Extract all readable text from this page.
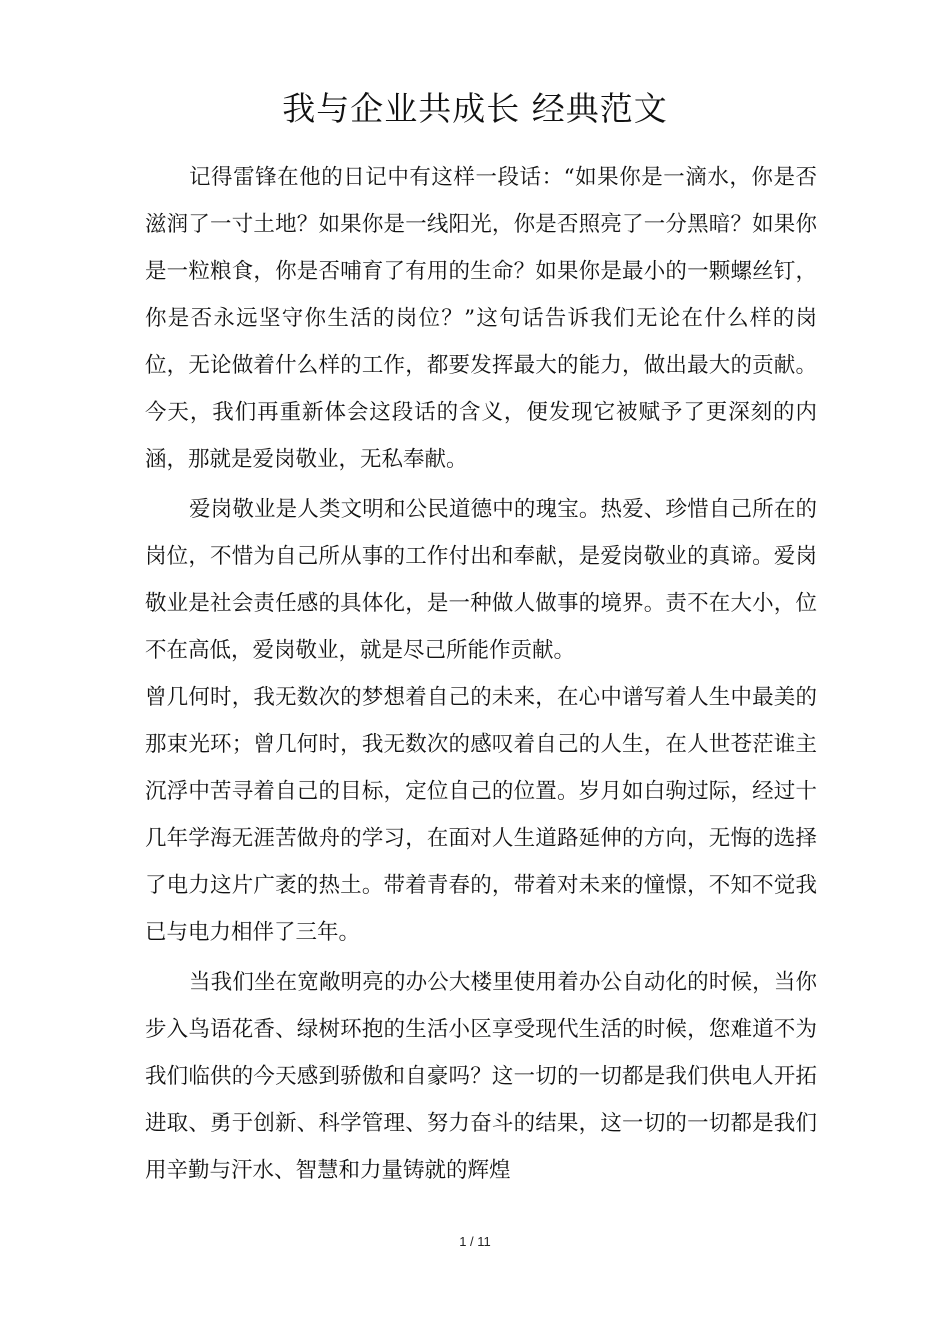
我与企业共成长 经典范文

记得雷锋在他的日记中有这样一段话：“如果你是一滴水，你是否滋润了一寸土地？如果你是一线阳光，你是否照亮了一分黑暗？如果你是一粒粮食，你是否哺育了有用的生命？如果你是最小的一颗螺丝钉，你是否永远坚守你生活的岗位？”这句话告诉我们无论在什么样的岗位，无论做着什么样的工作，都要发挥最大的能力，做出最大的贡献。今天，我们再重新体会这段话的含义，便发现它被赋予了更深刻的内涵，那就是爱岗敬业，无私奉献。

爱岗敬业是人类文明和公民道德中的瑰宝。热爱、珍惜自己所在的岗位，不惜为自己所从事的工作付出和奉献，是爱岗敬业的真谛。爱岗敬业是社会责任感的具体化，是一种做人做事的境界。责不在大小，位不在高低，爱岗敬业，就是尽己所能作贡献。

曾几何时，我无数次的梦想着自己的未来，在心中谱写着人生中最美的那束光环；曾几何时，我无数次的感叹着自己的人生，在人世苍茫谁主沉浮中苦寻着自己的目标，定位自己的位置。岁月如白驹过际，经过十几年学海无涯苦做舟的学习，在面对人生道路延伸的方向，无悔的选择了电力这片广袤的热土。带着青春的，带着对未来的憧憬，不知不觉我已与电力相伴了三年。

当我们坐在宽敞明亮的办公大楼里使用着办公自动化的时候，当你步入鸟语花香、绿树环抱的生活小区享受现代生活的时候，您难道不为我们临供的今天感到骄傲和自豪吗？这一切的一切都是我们供电人开拓进取、勇于创新、科学管理、努力奋斗的结果，这一切的一切都是我们用辛勤与汗水、智慧和力量铸就的辉煌

1 / 11
